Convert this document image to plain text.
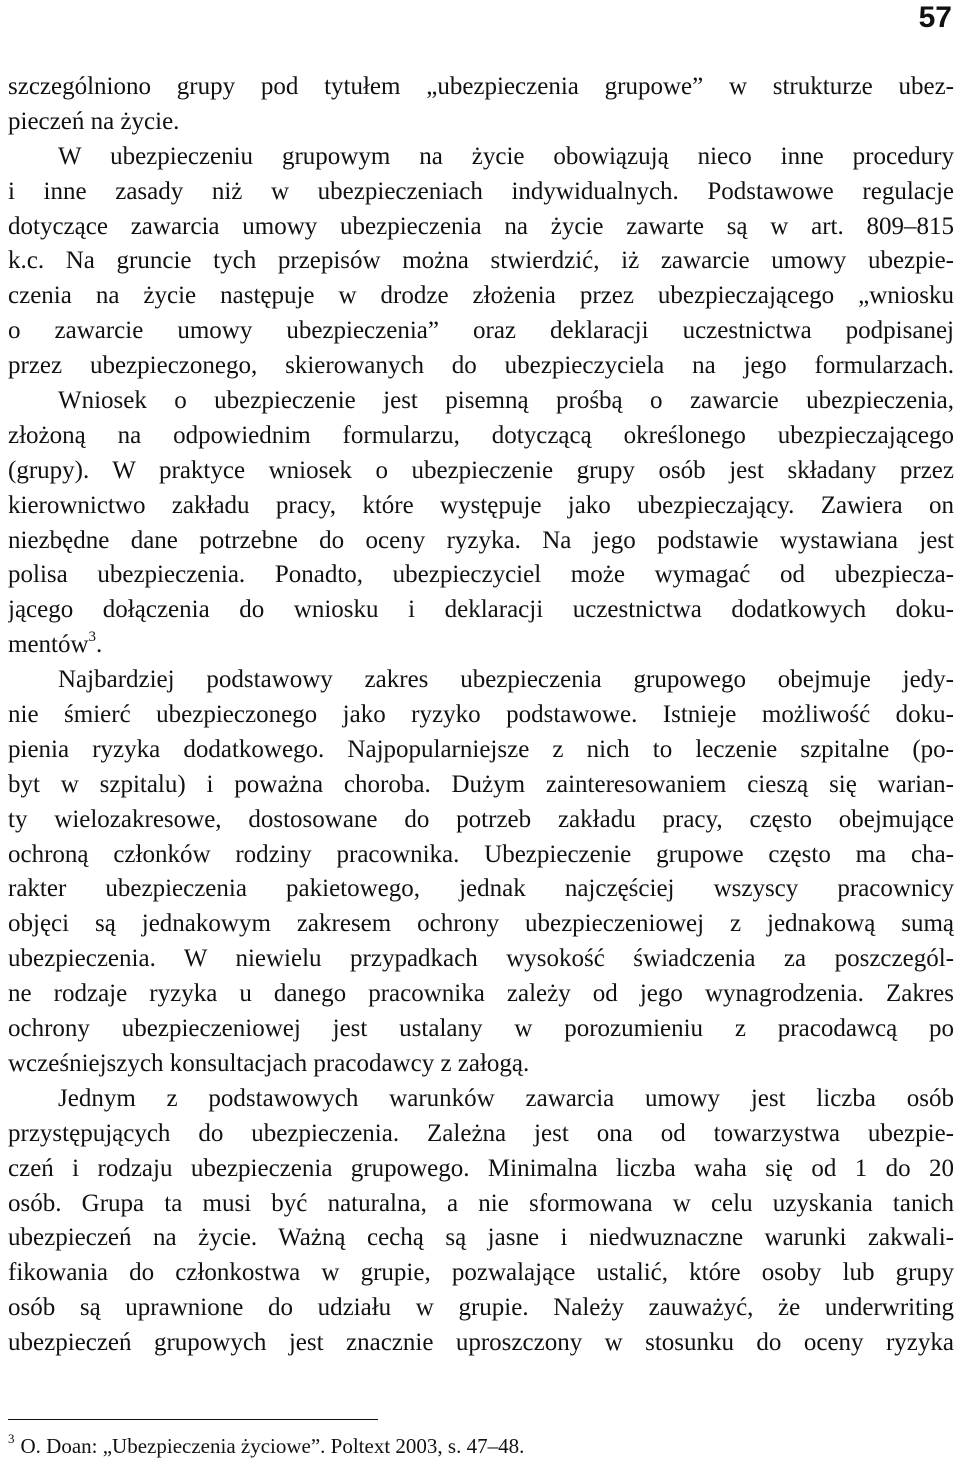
57
szczególniono grupy pod tytułem „ubezpieczenia grupowe” w strukturze ubez-
pieczeń na życie.
W ubezpieczeniu grupowym na życie obowiązują nieco inne procedury
i inne zasady niż w ubezpieczeniach indywidualnych. Podstawowe regulacje
dotyczące zawarcia umowy ubezpieczenia na życie zawarte są w art. 809–815
k.c. Na gruncie tych przepisów można stwierdzić, iż zawarcie umowy ubezpie-
czenia na życie następuje w drodze złożenia przez ubezpieczającego „wniosku
o zawarcie umowy ubezpieczenia” oraz deklaracji uczestnictwa podpisanej
przez ubezpieczonego, skierowanych do ubezpieczyciela na jego formularzach.
Wniosek o ubezpieczenie jest pisemną prośbą o zawarcie ubezpieczenia,
złożoną na odpowiednim formularzu, dotyczącą określonego ubezpieczającego
(grupy). W praktyce wniosek o ubezpieczenie grupy osób jest składany przez
kierownictwo zakładu pracy, które występuje jako ubezpieczający. Zawiera on
niezbędne dane potrzebne do oceny ryzyka. Na jego podstawie wystawiana jest
polisa ubezpieczenia. Ponadto, ubezpieczyciel może wymagać od ubezpiecza-
jącego dołączenia do wniosku i deklaracji uczestnictwa dodatkowych doku-
mentów$^3$.
Najbardziej podstawowy zakres ubezpieczenia grupowego obejmuje jedy-
nie śmierć ubezpieczonego jako ryzyko podstawowe. Istnieje możliwość doku-
pienia ryzyka dodatkowego. Najpopularniejsze z nich to leczenie szpitalne (po-
byt w szpitalu) i poważna choroba. Dużym zainteresowaniem cieszą się warian-
ty wielozakresowe, dostosowane do potrzeb zakładu pracy, często obejmujące
ochroną członków rodziny pracownika. Ubezpieczenie grupowe często ma cha-
rakter ubezpieczenia pakietowego, jednak najczęściej wszyscy pracownicy
objęci są jednakowym zakresem ochrony ubezpieczeniowej z jednakową sumą
ubezpieczenia. W niewielu przypadkach wysokość świadczenia za poszczegól-
ne rodzaje ryzyka u danego pracownika zależy od jego wynagrodzenia. Zakres
ochrony ubezpieczeniowej jest ustalany w porozumieniu z pracodawcą po
wcześniejszych konsultacjach pracodawcy z załogą.
Jednym z podstawowych warunków zawarcia umowy jest liczba osób
przystępujących do ubezpieczenia. Zależna jest ona od towarzystwa ubezpie-
czeń i rodzaju ubezpieczenia grupowego. Minimalna liczba waha się od 1 do 20
osób. Grupa ta musi być naturalna, a nie sformowana w celu uzyskania tanich
ubezpieczeń na życie. Ważną cechą są jasne i niedwuznaczne warunki zakwali-
fikowania do członkostwa w grupie, pozwalające ustalić, które osoby lub grupy
osób są uprawnione do udziału w grupie. Należy zauważyć, że underwriting
ubezpieczeń grupowych jest znacznie uproszczony w stosunku do oceny ryzyka
$^3$ O. Doan: „Ubezpieczenia życiowe”. Poltext 2003, s. 47–48.
